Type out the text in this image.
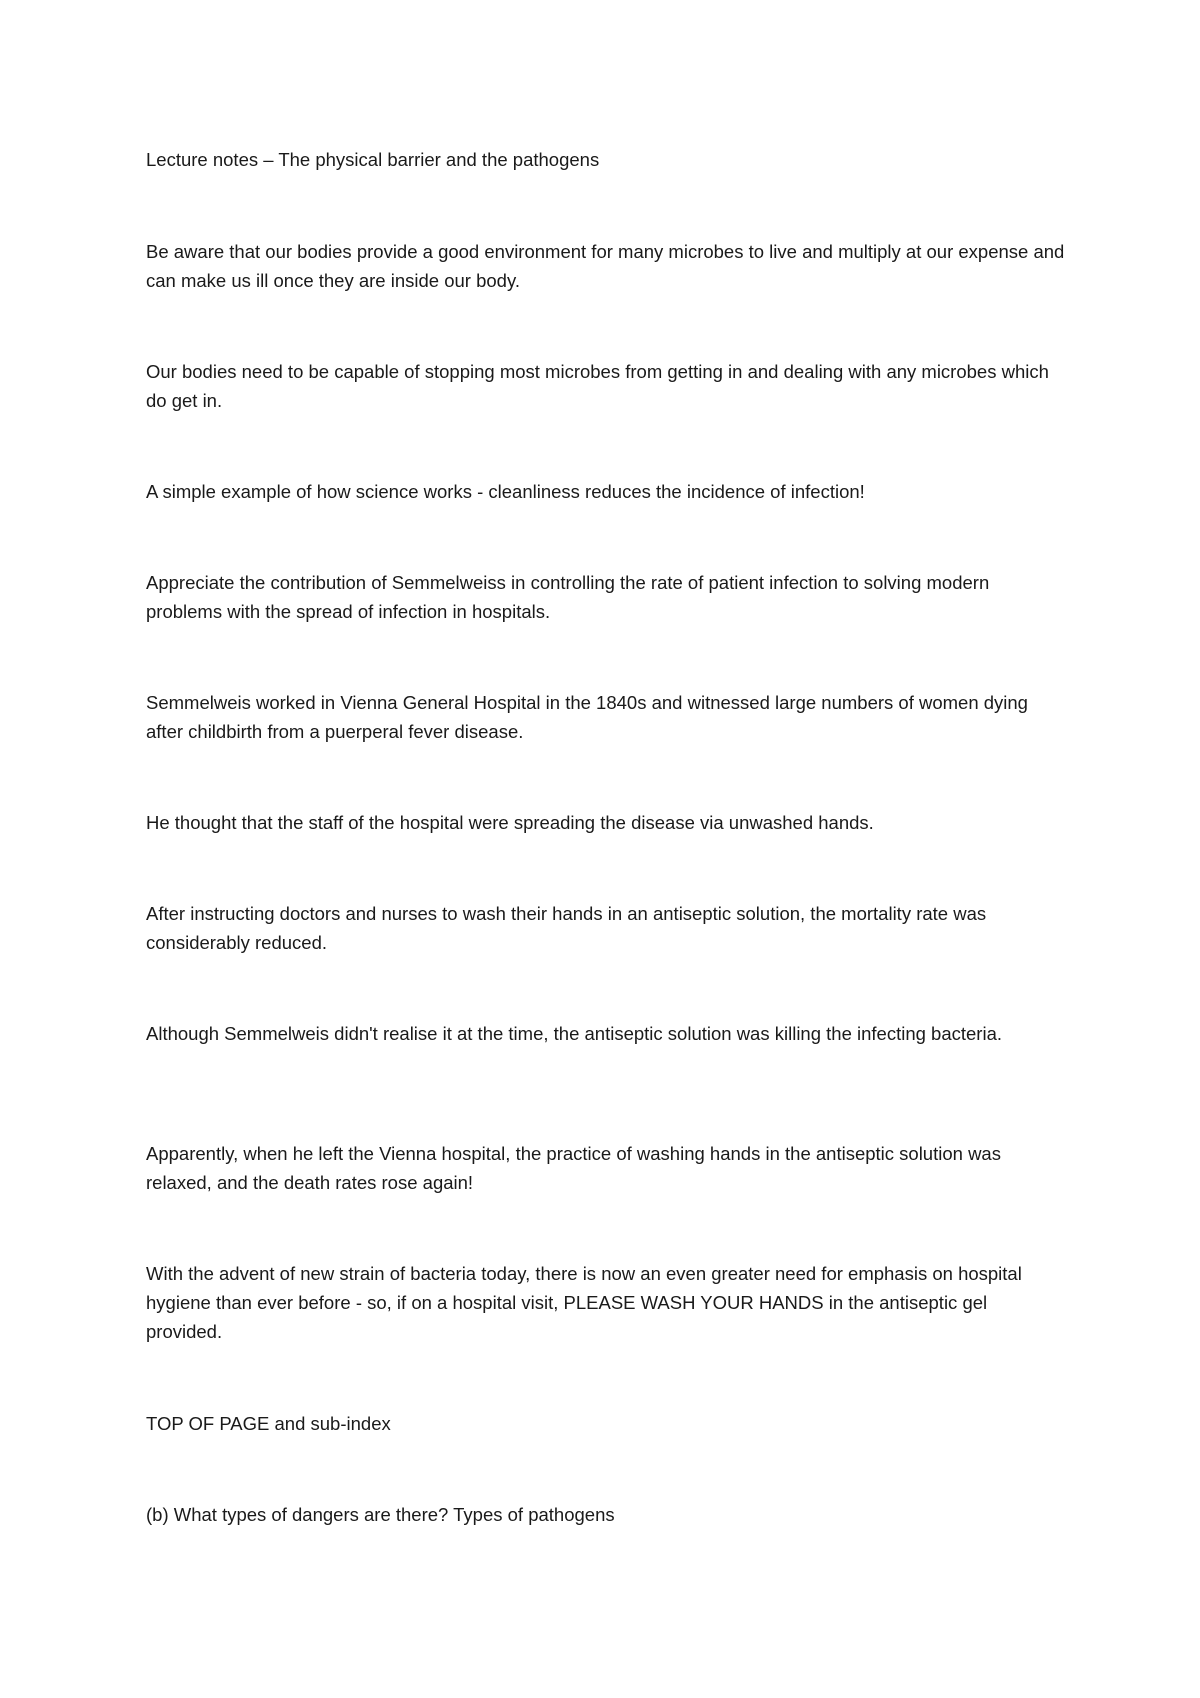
Lecture notes – The physical barrier and the pathogens

Be aware that our bodies provide a good environment for many microbes to live and multiply at our expense and can make us ill once they are inside our body.

Our bodies need to be capable of stopping most microbes from getting in and dealing with any microbes which do get in.

A simple example of how science works - cleanliness reduces the incidence of infection!

Appreciate the contribution of Semmelweiss in controlling the rate of patient infection to solving modern problems with the spread of infection in hospitals.

Semmelweis worked in Vienna General Hospital in the 1840s and witnessed large numbers of women dying after childbirth from a puerperal fever disease.

He thought that the staff of the hospital were spreading the disease via unwashed hands.

After instructing doctors and nurses to wash their hands in an antiseptic solution, the mortality rate was considerably reduced.

Although Semmelweis didn't realise it at the time, the antiseptic solution was killing the infecting bacteria.

Apparently, when he left the Vienna hospital, the practice of washing hands in the antiseptic solution was relaxed, and the death rates rose again!

With the advent of new strain of bacteria today, there is now an even greater need for emphasis on hospital hygiene than ever before - so, if on a hospital visit, PLEASE WASH YOUR HANDS in the antiseptic gel provided.

TOP OF PAGE and sub-index

(b) What types of dangers are there? Types of pathogens
